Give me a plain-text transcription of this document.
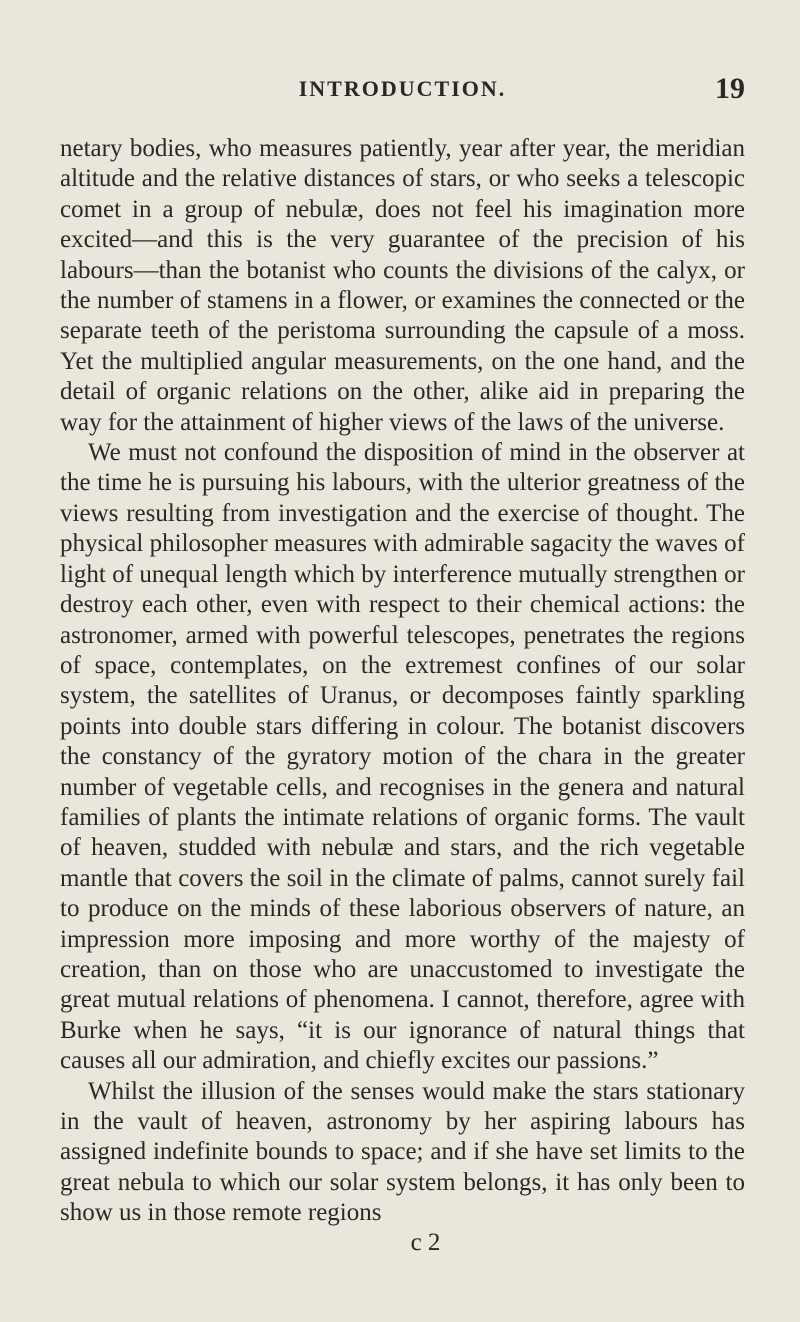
INTRODUCTION.	19

netary bodies, who measures patiently, year after year, the meridian altitude and the relative distances of stars, or who seeks a telescopic comet in a group of nebulæ, does not feel his imagination more excited—and this is the very guarantee of the precision of his labours—than the botanist who counts the divisions of the calyx, or the number of stamens in a flower, or examines the connected or the separate teeth of the peristoma surrounding the capsule of a moss. Yet the multiplied angular measurements, on the one hand, and the detail of organic relations on the other, alike aid in preparing the way for the attainment of higher views of the laws of the universe.

We must not confound the disposition of mind in the observer at the time he is pursuing his labours, with the ulterior greatness of the views resulting from investigation and the exercise of thought. The physical philosopher measures with admirable sagacity the waves of light of unequal length which by interference mutually strengthen or destroy each other, even with respect to their chemical actions: the astronomer, armed with powerful telescopes, penetrates the regions of space, contemplates, on the extremest confines of our solar system, the satellites of Uranus, or decomposes faintly sparkling points into double stars differing in colour. The botanist discovers the constancy of the gyratory motion of the chara in the greater number of vegetable cells, and recognises in the genera and natural families of plants the intimate relations of organic forms. The vault of heaven, studded with nebulæ and stars, and the rich vegetable mantle that covers the soil in the climate of palms, cannot surely fail to produce on the minds of these laborious observers of nature, an impression more imposing and more worthy of the majesty of creation, than on those who are unaccustomed to investigate the great mutual relations of phenomena. I cannot, therefore, agree with Burke when he says, “it is our ignorance of natural things that causes all our admiration, and chiefly excites our passions.”

Whilst the illusion of the senses would make the stars stationary in the vault of heaven, astronomy by her aspiring labours has assigned indefinite bounds to space; and if she have set limits to the great nebula to which our solar system belongs, it has only been to show us in those remote regions

c 2
